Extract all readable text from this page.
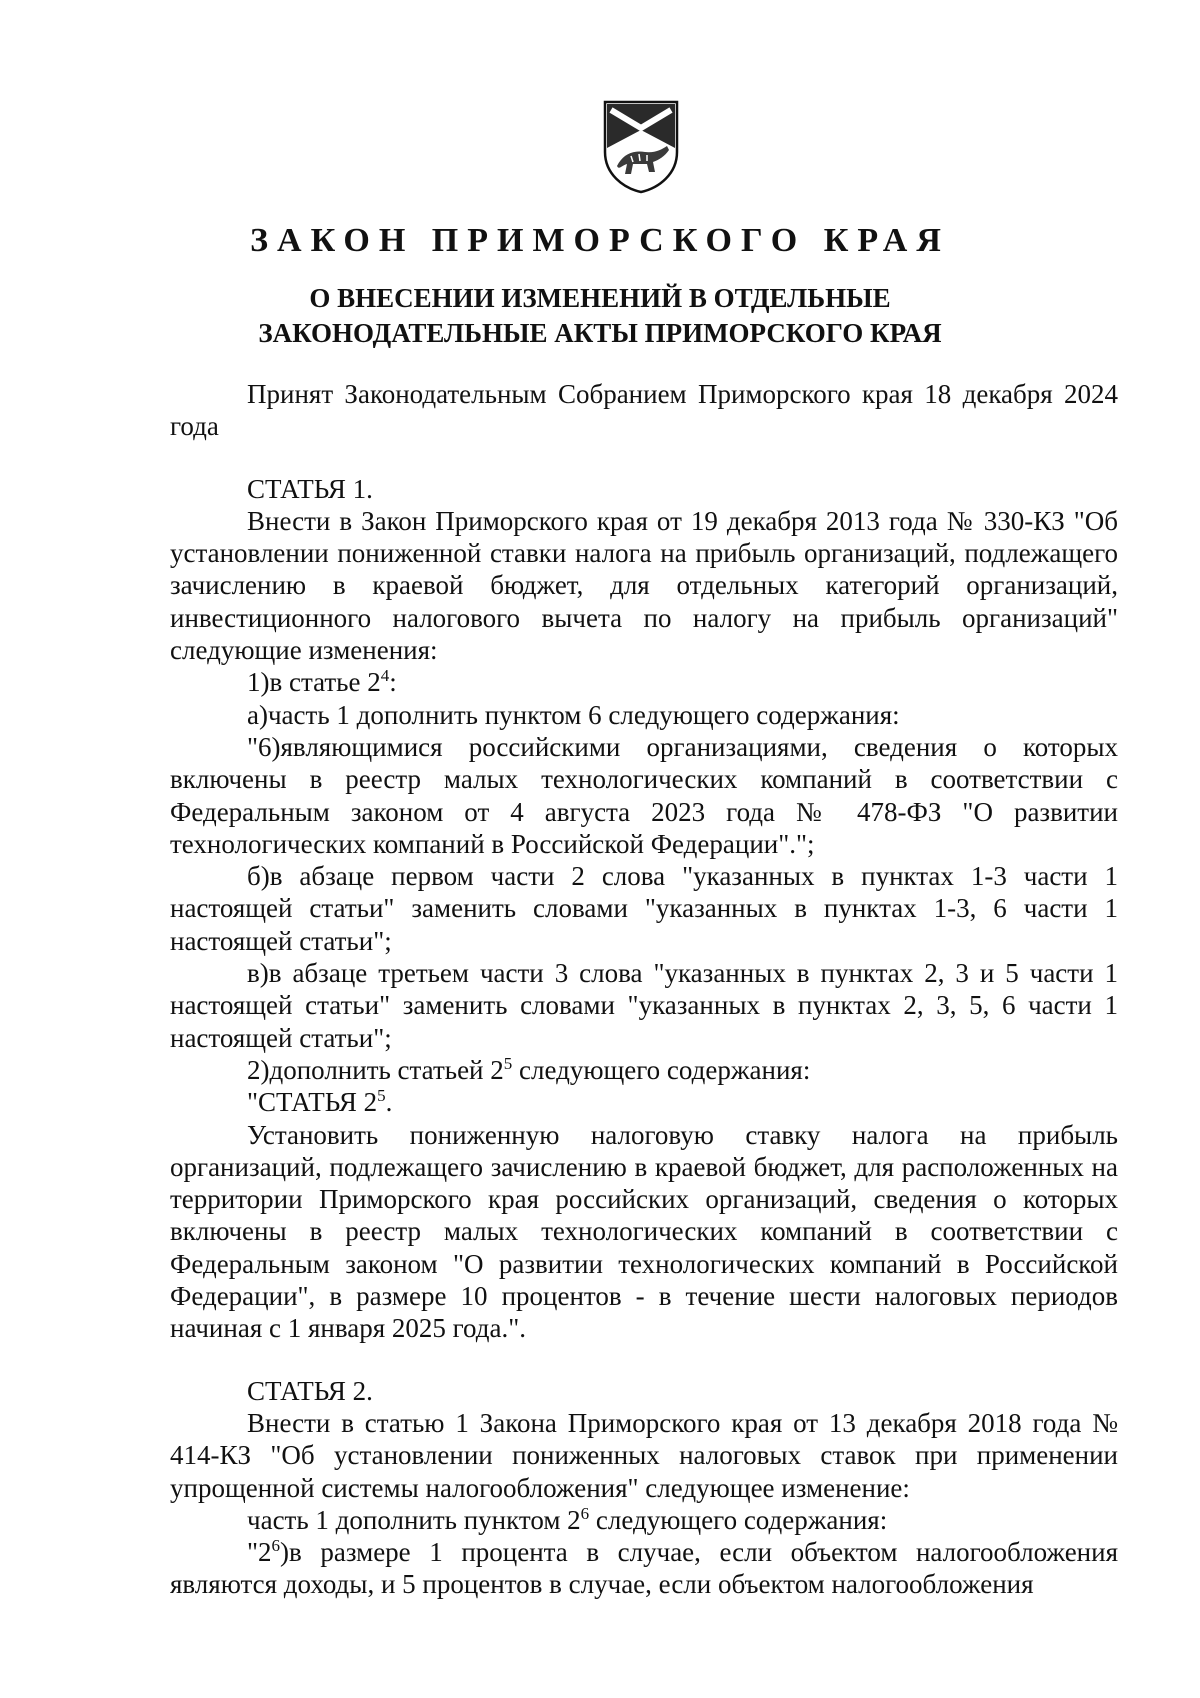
ЗАКОН ПРИМОРСКОГО КРАЯ
О ВНЕСЕНИИ ИЗМЕНЕНИЙ В ОТДЕЛЬНЫЕ
ЗАКОНОДАТЕЛЬНЫЕ АКТЫ ПРИМОРСКОГО КРАЯ

Принят Законодательным Собранием Приморского края 18 декабря 2024 года

СТАТЬЯ 1.

Внести в Закон Приморского края от 19 декабря 2013 года № 330-КЗ "Об установлении пониженной ставки налога на прибыль организаций, подлежащего зачислению в краевой бюджет, для отдельных категорий организаций, инвестиционного налогового вычета по налогу на прибыль организаций" следующие изменения:

1)в статье $2^4$:

а)часть 1 дополнить пунктом 6 следующего содержания:

"6)являющимися российскими организациями, сведения о которых включены в реестр малых технологических компаний в соответствии с Федеральным законом от 4 августа 2023 года № 478-ФЗ "О развитии технологических компаний в Российской Федерации".";

б)в абзаце первом части 2 слова "указанных в пунктах 1-3 части 1 настоящей статьи" заменить словами "указанных в пунктах 1-3, 6 части 1 настоящей статьи";

в)в абзаце третьем части 3 слова "указанных в пунктах 2, 3 и 5 части 1 настоящей статьи" заменить словами "указанных в пунктах 2, 3, 5, 6 части 1 настоящей статьи";

2)дополнить статьей $2^5$ следующего содержания:

"СТАТЬЯ $2^5$.

Установить пониженную налоговую ставку налога на прибыль организаций, подлежащего зачислению в краевой бюджет, для расположенных на территории Приморского края российских организаций, сведения о которых включены в реестр малых технологических компаний в соответствии с Федеральным законом "О развитии технологических компаний в Российской Федерации", в размере 10 процентов - в течение шести налоговых периодов начиная с 1 января 2025 года.".

СТАТЬЯ 2.

Внести в статью 1 Закона Приморского края от 13 декабря 2018 года № 414-КЗ "Об установлении пониженных налоговых ставок при применении упрощенной системы налогообложения" следующее изменение:

часть 1 дополнить пунктом $2^6$ следующего содержания:

"$2^6)в$ размере 1 процента в случае, если объектом налогообложения являются доходы, и 5 процентов в случае, если объектом налогообложения
